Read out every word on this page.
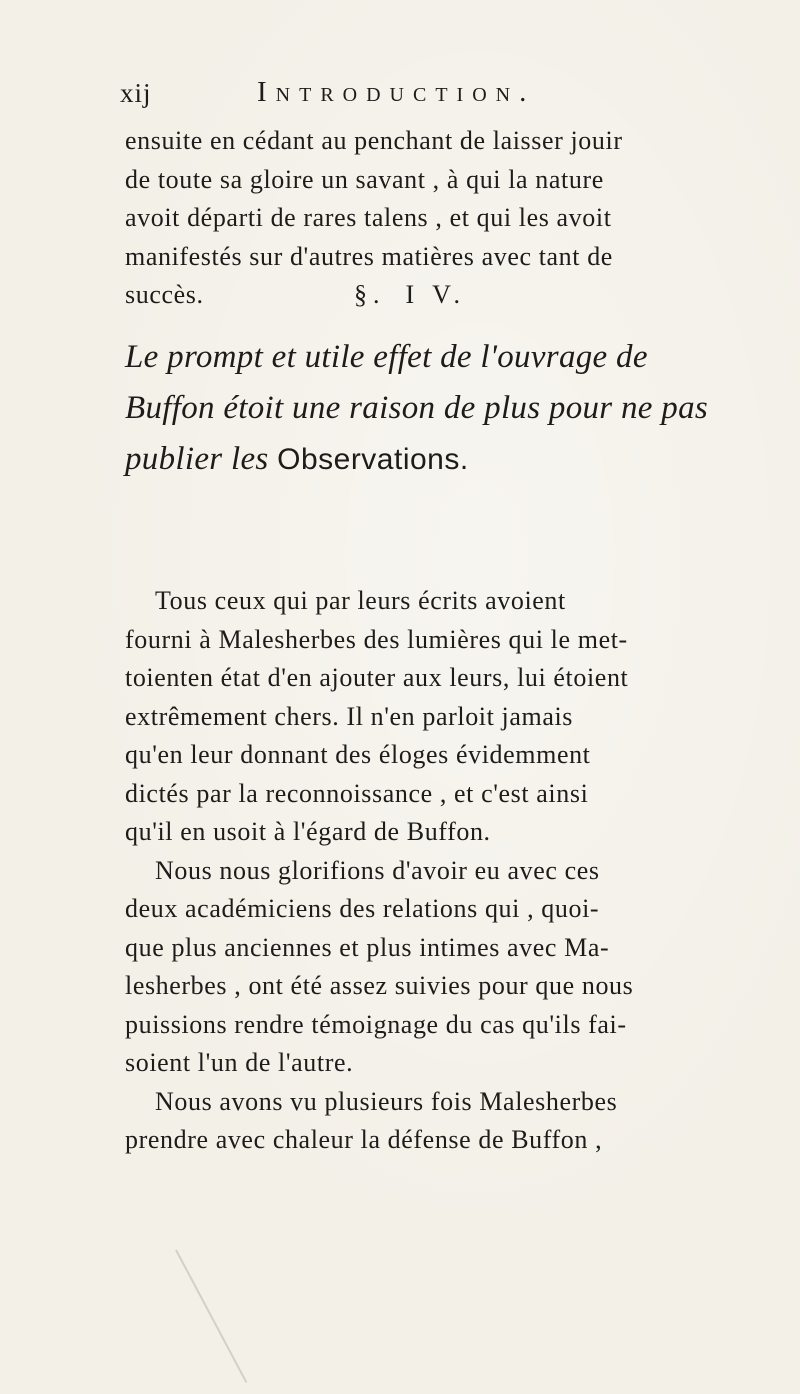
xij	Introduction.

ensuite en cédant au penchant de laisser jouir

de toute sa gloire un savant , à qui la nature

avoit départi de rares talens , et qui les avoit

manifestés sur d'autres matières avec tant de

succès.	§. I V.
Le prompt et utile effet de l'ouvrage de
Buffon étoit une raison de plus pour ne pas
publier les Observations.

Tous ceux qui par leurs écrits avoient

fourni à Malesherbes des lumières qui le met-

toienten état d'en ajouter aux leurs, lui étoient

extrêmement chers. Il n'en parloit jamais

qu'en leur donnant des éloges évidemment

dictés par la reconnoissance , et c'est ainsi

qu'il en usoit à l'égard de Buffon.

Nous nous glorifions d'avoir eu avec ces

deux académiciens des relations qui , quoi-

que plus anciennes et plus intimes avec Ma-

lesherbes , ont été assez suivies pour que nous

puissions rendre témoignage du cas qu'ils fai-

soient l'un de l'autre.

Nous avons vu plusieurs fois Malesherbes

prendre avec chaleur la défense de Buffon ,
